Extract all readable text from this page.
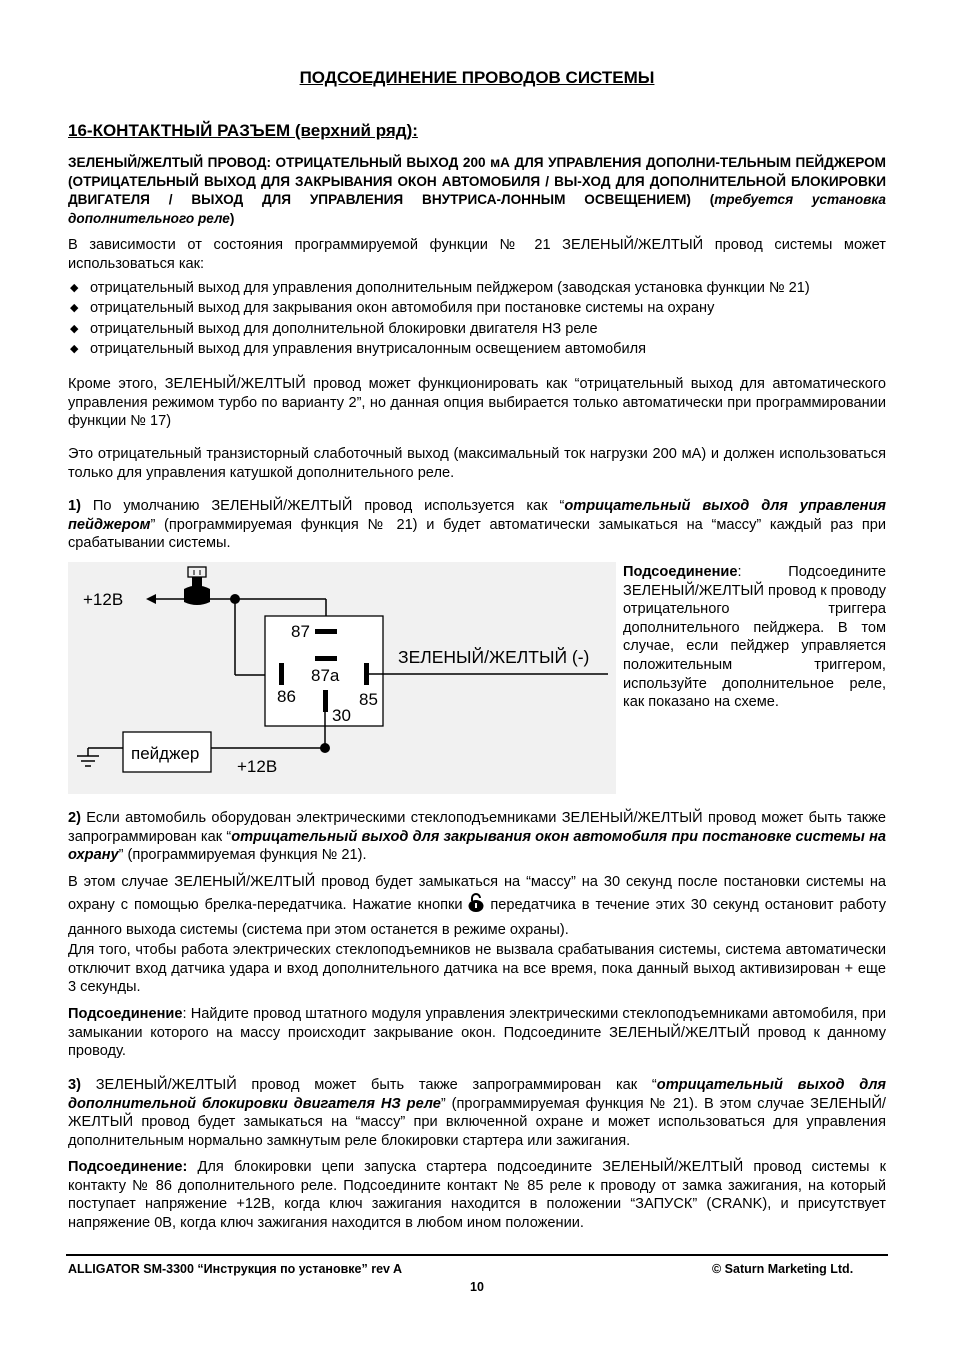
ПОДСОЕДИНЕНИЕ ПРОВОДОВ СИСТЕМЫ
16-КОНТАКТНЫЙ РАЗЪЕМ (верхний ряд):

ЗЕЛЕНЫЙ/ЖЕЛТЫЙ ПРОВОД: ОТРИЦАТЕЛЬНЫЙ ВЫХОД 200 мА ДЛЯ УПРАВЛЕНИЯ ДОПОЛНИ-ТЕЛЬНЫМ ПЕЙДЖЕРОМ (ОТРИЦАТЕЛЬНЫЙ ВЫХОД ДЛЯ ЗАКРЫВАНИЯ ОКОН АВТОМОБИЛЯ / ВЫ-ХОД ДЛЯ ДОПОЛНИТЕЛЬНОЙ БЛОКИРОВКИ ДВИГАТЕЛЯ / ВЫХОД ДЛЯ УПРАВЛЕНИЯ ВНУТРИСА-ЛОННЫМ ОСВЕЩЕНИЕМ) (требуется установка дополнительного реле)

В зависимости от состояния программируемой функции № 21 ЗЕЛЕНЫЙ/ЖЕЛТЫЙ провод системы может использоваться как:

◆ отрицательный выход для управления дополнительным пейджером (заводская установка функции № 21)
◆ отрицательный выход для закрывания окон автомобиля при постановке системы на охрану
◆ отрицательный выход для дополнительной блокировки двигателя НЗ реле
◆ отрицательный выход для управления внутрисалонным освещением автомобиля

Кроме этого, ЗЕЛЕНЫЙ/ЖЕЛТЫЙ провод может функционировать как “отрицательный выход для автоматического управления режимом турбо по варианту 2”, но данная опция выбирается только автоматически при программировании функции № 17)

Это отрицательный транзисторный слаботочный выход (максимальный ток нагрузки 200 мА) и должен использоваться только для управления катушкой дополнительного реле.

1) По умолчанию ЗЕЛЕНЫЙ/ЖЕЛТЫЙ провод используется как “отрицательный выход для управления пейджером” (программируемая функция № 21) и будет автоматически замыкаться на “массу” каждый раз при срабатывании системы.

87
87a
86	85
30
ЗЕЛЕНЫЙ/ЖЕЛТЫЙ (-)
пейджер
+12В
+12В

Подсоединение: Подсоедините ЗЕЛЕНЫЙ/ЖЕЛТЫЙ провод к проводу отрицательного триггера дополнительного пейджера. В том случае, если пейджер управляется положительным триггером, используйте дополнительное реле, как показано на схеме.

2) Если автомобиль оборудован электрическими стеклоподъемниками ЗЕЛЕНЫЙ/ЖЕЛТЫЙ провод может быть также запрограммирован как “отрицательный выход для закрывания окон автомобиля при постановке системы на охрану” (программируемая функция № 21).

В этом случае ЗЕЛЕНЫЙ/ЖЕЛТЫЙ провод будет замыкаться на “массу” на 30 секунд после постановки системы на охрану с помощью брелка-передатчика. Нажатие кнопки  передатчика в течение этих 30 секунд остановит работу данного выхода системы (система при этом останется в режиме охраны).

Для того, чтобы работа электрических стеклоподъемников не вызвала срабатывания системы, система автоматически отключит вход датчика удара и вход дополнительного датчика на все время, пока данный выход активизирован + еще 3 секунды.

Подсоединение: Найдите провод штатного модуля управления электрическими стеклоподъемниками автомобиля, при замыкании которого на массу происходит закрывание окон. Подсоедините ЗЕЛЕНЫЙ/ЖЕЛТЫЙ провод к данному проводу.

3) ЗЕЛЕНЫЙ/ЖЕЛТЫЙ провод может быть также запрограммирован как “отрицательный выход для дополнительной блокировки двигателя НЗ реле” (программируемая функция № 21). В этом случае ЗЕЛЕНЫЙ/ЖЕЛТЫЙ провод будет замыкаться на “массу” при включенной охране и может использоваться для управления дополнительным нормально замкнутым реле блокировки стартера или зажигания.

Подсоединение: Для блокировки цепи запуска стартера подсоедините ЗЕЛЕНЫЙ/ЖЕЛТЫЙ провод системы к контакту № 86 дополнительного реле. Подсоедините контакт № 85 реле к проводу от замка зажигания, на который поступает напряжение +12В, когда ключ зажигания находится в положении “ЗАПУСК” (CRANK), и присутствует напряжение 0В, когда ключ зажигания находится в любом ином положении.

ALLIGATOR SM-3300 “Инструкция по установке” rev A	© Saturn Marketing Ltd.
10
